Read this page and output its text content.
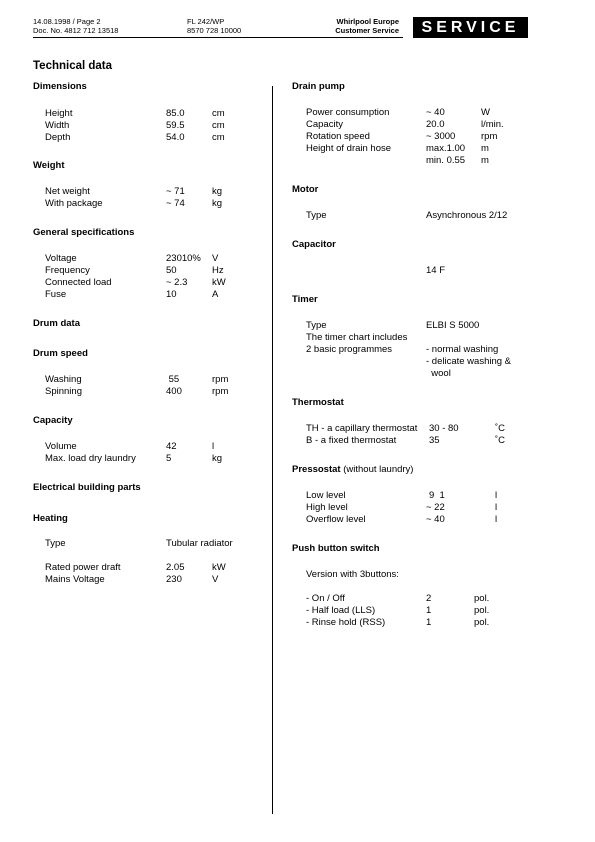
14.08.1998 / Page 2
Doc. No. 4812 712 13518
FL 242/WP
8570 728 10000
Whirlpool Europe
Customer Service	SERVICE
Technical data
Dimensions
Height	85.0	cm
Width	59.5	cm
Depth	54.0	cm
Weight
Net weight	~ 71	kg
With package	~ 74	kg
General specifications
Voltage	23010% V
Frequency	50	Hz
Connected load	~ 2.3	kW
Fuse	10	A
Drum data
Drum speed
Washing	55	rpm
Spinning	400	rpm
Capacity
Volume	42	l
Max. load dry laundry	5	kg
Electrical building parts
Heating
Type	Tubular radiator
Rated power draft	2.05	kW
Mains Voltage	230	V
Drain pump
Power consumption	~ 40	W
Capacity	20.0	l/min.
Rotation speed	~ 3000	rpm
Height of drain hose	max.1.00 m
min. 0.55 m
Motor
Type	Asynchronous 2/12
Capacitor
14 F
Timer
Type	ELBI S 5000
The timer chart includes
2 basic programmes	- normal washing
- delicate washing &
wool
Thermostat
TH - a capillary thermostat 30 - 80	˚C
B - a fixed thermostat	35	˚C
Pressostat (without laundry)
Low level	9  1	l
High level	~ 22	l
Overflow level	~ 40	l
Push button switch
Version with 3buttons:
- On / Off	2	pol.
- Half load (LLS)	1	pol.
- Rinse hold (RSS)	1	pol.
